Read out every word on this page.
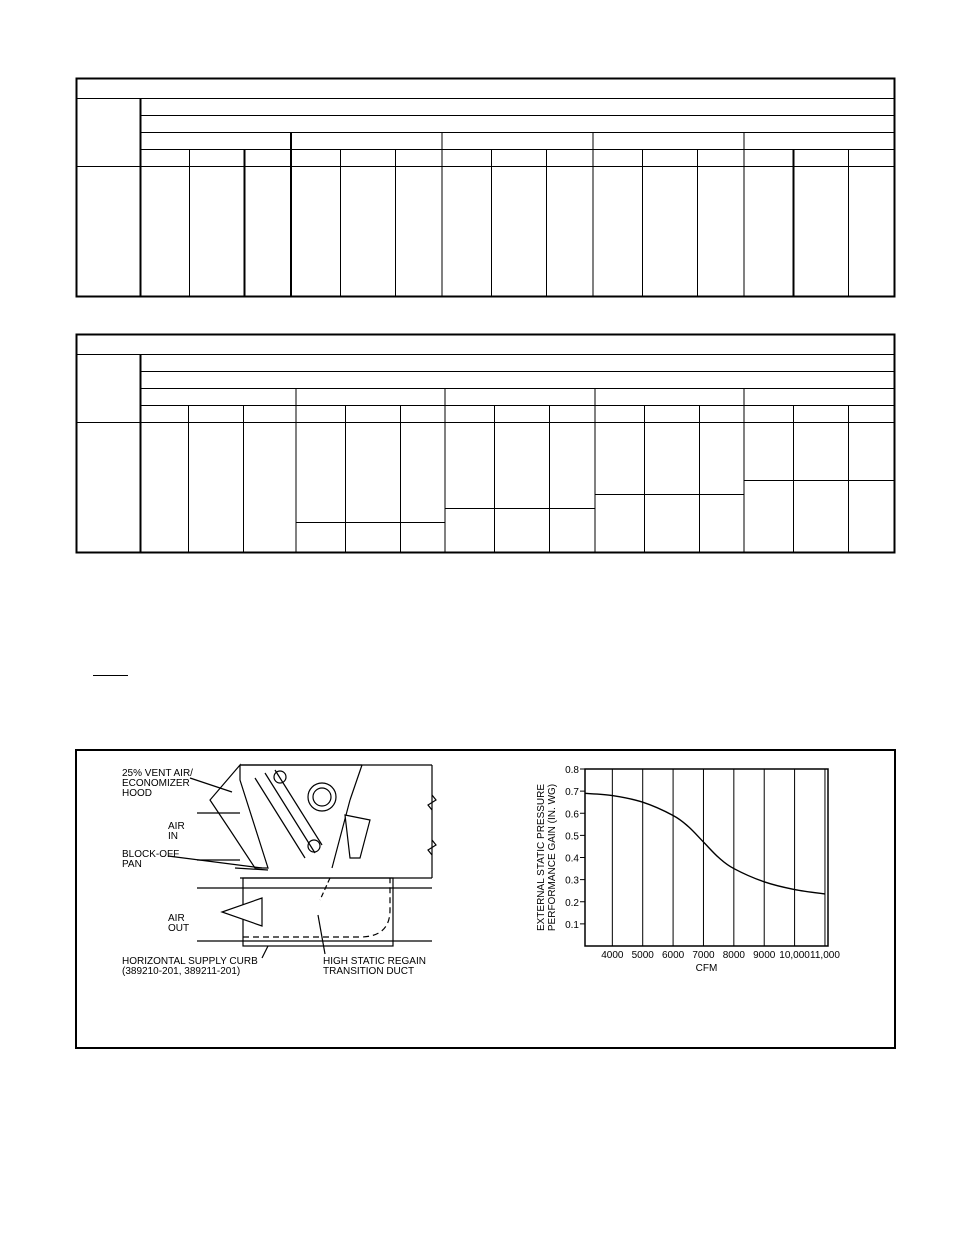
25% VENT AIR/
ECONOMIZER
HOOD
AIR
IN
BLOCK-OFF
PAN
AIR
OUT
HORIZONTAL SUPPLY CURB
(389210-201, 389211-201)
HIGH STATIC REGAIN
TRANSITION DUCT
0.8
0.7
0.6
0.5
0.4
0.3
0.2
0.1
4000 5000 6000 7000 8000 9000 10,000 11,000
EXTERNAL STATIC PRESSURE PERFORMANCE GAIN (IN. WG)
CFM
